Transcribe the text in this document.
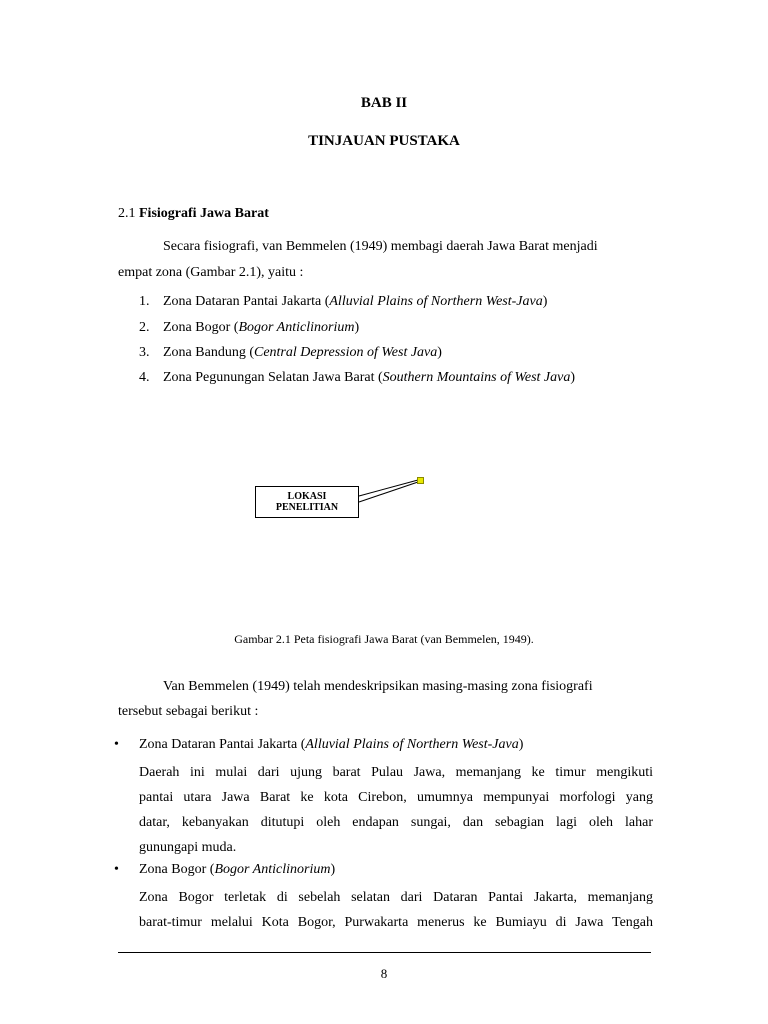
BAB II
TINJAUAN PUSTAKA
2.1 Fisiografi Jawa Barat
Secara fisiografi, van Bemmelen (1949) membagi daerah Jawa Barat menjadi
empat zona (Gambar 2.1), yaitu :
1. Zona Dataran Pantai Jakarta (Alluvial Plains of Northern West-Java)
2. Zona Bogor (Bogor Anticlinorium)
3. Zona Bandung (Central Depression of West Java)
4. Zona Pegunungan Selatan Jawa Barat (Southern Mountains of West Java)
LOKASI
PENELITIAN
Gambar 2.1 Peta fisiografi Jawa Barat (van Bemmelen, 1949).
Van Bemmelen (1949) telah mendeskripsikan masing-masing zona fisiografi
tersebut sebagai berikut :
• Zona Dataran Pantai Jakarta (Alluvial Plains of Northern West-Java)
Daerah ini mulai dari ujung barat Pulau Jawa, memanjang ke timur mengikuti
pantai utara Jawa Barat ke kota Cirebon, umumnya mempunyai morfologi yang
datar, kebanyakan ditutupi oleh endapan sungai, dan sebagian lagi oleh lahar
gunungapi muda.
• Zona Bogor (Bogor Anticlinorium)
Zona Bogor terletak di sebelah selatan dari Dataran Pantai Jakarta, memanjang
barat-timur melalui Kota Bogor, Purwakarta menerus ke Bumiayu di Jawa Tengah
8
